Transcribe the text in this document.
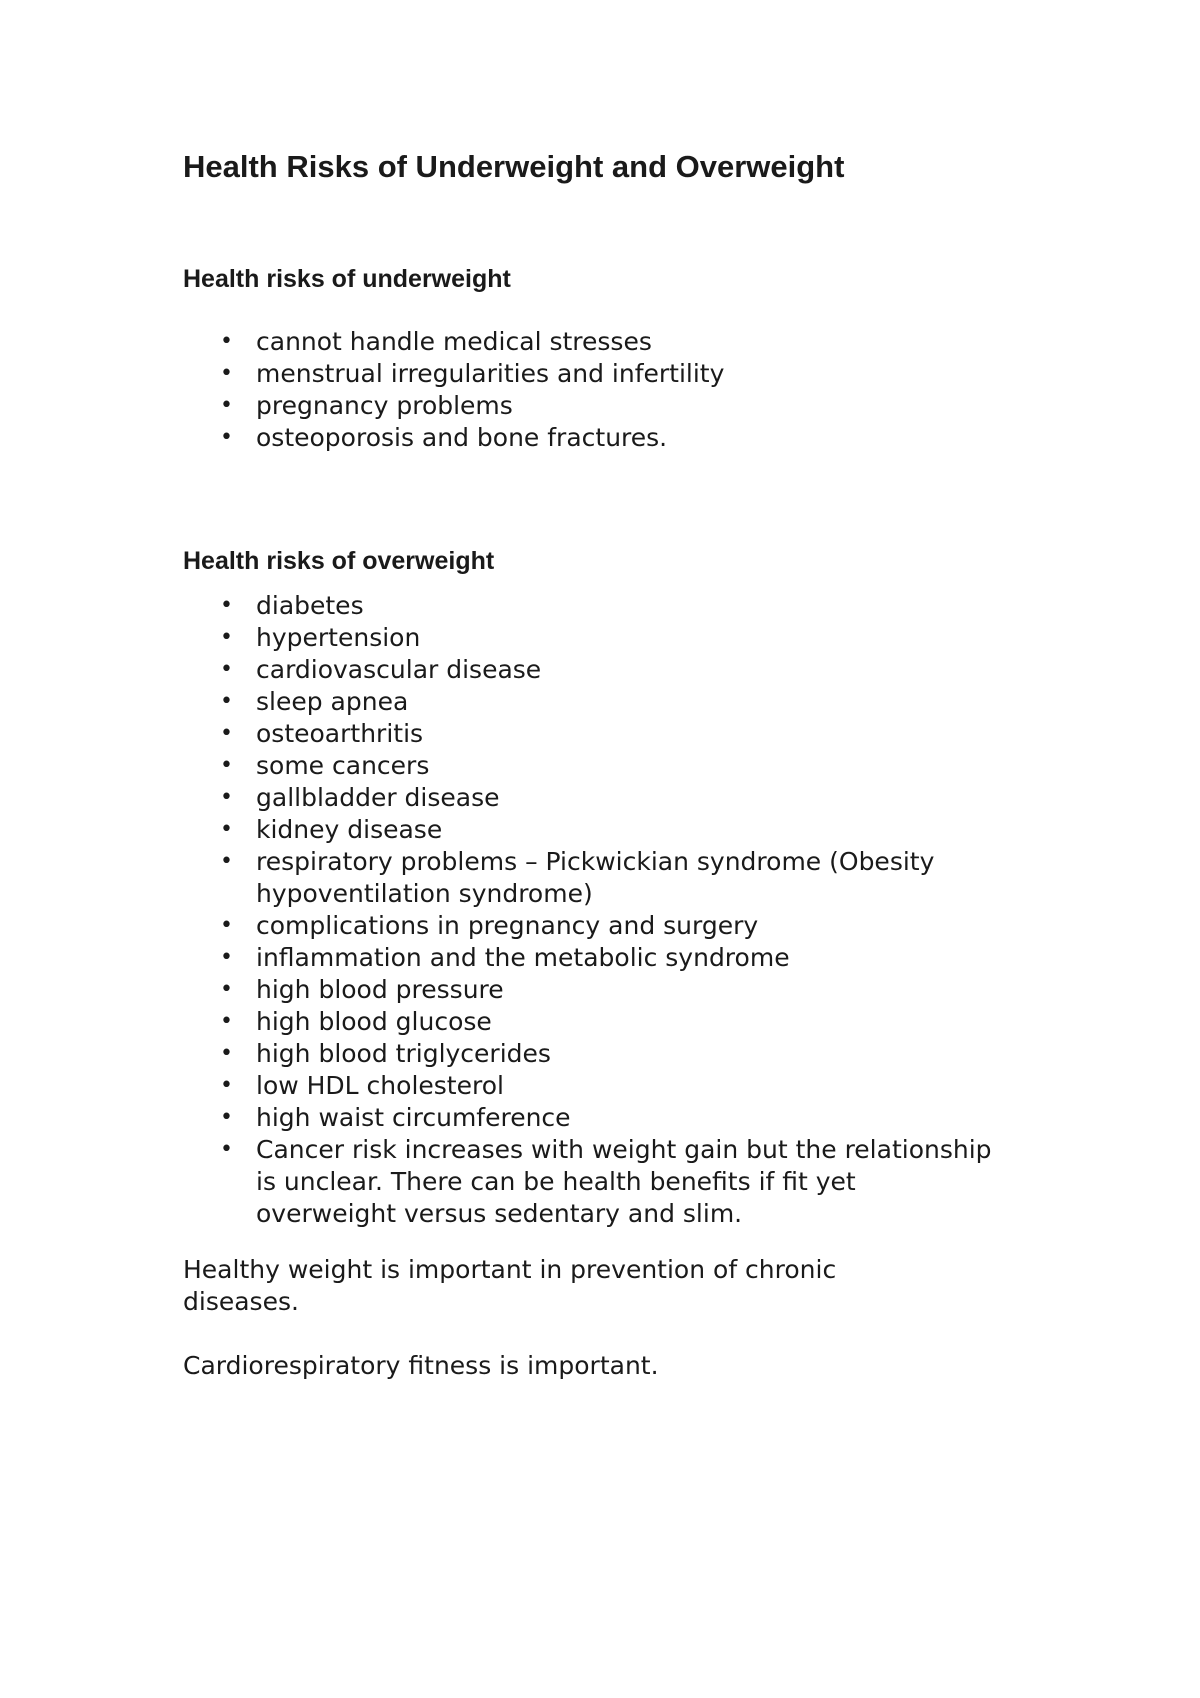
Health Risks of Underweight and Overweight
Health risks of underweight
• cannot handle medical stresses
• menstrual irregularities and infertility
• pregnancy problems
• osteoporosis and bone fractures.
Health risks of overweight
• diabetes
• hypertension
• cardiovascular disease
• sleep apnea
• osteoarthritis
• some cancers
• gallbladder disease
• kidney disease
• respiratory problems – Pickwickian syndrome (Obesity hypoventilation syndrome)
• complications in pregnancy and surgery
• inflammation and the metabolic syndrome
• high blood pressure
• high blood glucose
• high blood triglycerides
• low HDL cholesterol
• high waist circumference
• Cancer risk increases with weight gain but the relationship is unclear. There can be health benefits if fit yet overweight versus sedentary and slim.

Healthy weight is important in prevention of chronic diseases.

Cardiorespiratory fitness is important.
